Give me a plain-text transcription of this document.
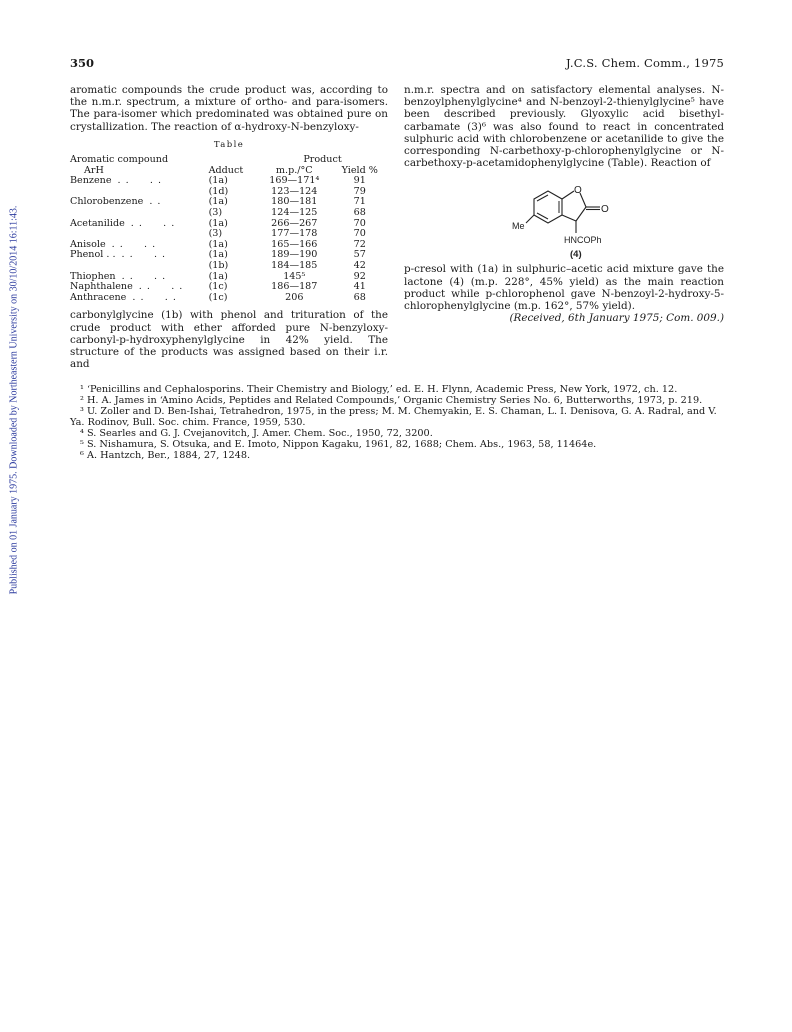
350	J.C.S. Chem. Comm., 1975
Published on 01 January 1975. Downloaded by Northeastern University on 30/10/2014 16:11:43.

aromatic compounds the crude product was, according to the n.m.r. spectrum, a mixture of ortho- and para-isomers. The para-isomer which predominated was obtained pure on crystallization. The reaction of α-hydroxy-N-benzyloxy-

Table
Aromatic compound		Product	
ArH	Adduct	m.p./°C	Yield %
Benzene . .     . .	(1a)	169—171⁴	91
	(1d)	123—124	79
Chlorobenzene . .	(1a)	180—181	71
	(3)	124—125	68
Acetanilide . .     . .	(1a)	266—267	70
	(3)	177—178	70
Anisole . .     . .	(1a)	165—166	72
Phenol . . . .     . .	(1a)	189—190	57
	(1b)	184—185	42
Thiophen . .     . .	(1a)	145⁵	92
Naphthalene . .     . .	(1c)	186—187	41
Anthracene . .     . .	(1c)	206	68

carbonylglycine (1b) with phenol and trituration of the crude product with ether afforded pure N-benzyloxy-carbonyl-p-hydroxyphenylglycine in 42% yield. The structure of the products was assigned based on their i.r. and

n.m.r. spectra and on satisfactory elemental analyses. N-benzoylphenylglycine⁴ and N-benzoyl-2-thienylglycine⁵ have been described previously. Glyoxylic acid bisethyl-carbamate (3)⁶ was also found to react in concentrated sulphuric acid with chlorobenzene or acetanilide to give the corresponding N-carbethoxy-p-chlorophenylglycine or N-carbethoxy-p-acetamidophenylglycine (Table). Reaction of

O
O
Me
HNCOPh
(4)

p-cresol with (1a) in sulphuric–acetic acid mixture gave the lactone (4) (m.p. 228°, 45% yield) as the main reaction product while p-chlorophenol gave N-benzoyl-2-hydroxy-5-chlorophenylglycine (m.p. 162°, 57% yield).

(Received, 6th January 1975; Com. 009.)

¹ ‘Penicillins and Cephalosporins. Their Chemistry and Biology,’ ed. E. H. Flynn, Academic Press, New York, 1972, ch. 12.

² H. A. James in ‘Amino Acids, Peptides and Related Compounds,’ Organic Chemistry Series No. 6, Butterworths, 1973, p. 219.

³ U. Zoller and D. Ben-Ishai, Tetrahedron, 1975, in the press; M. M. Chemyakin, E. S. Chaman, L. I. Denisova, G. A. Radral, and V. Ya. Rodinov, Bull. Soc. chim. France, 1959, 530.

⁴ S. Searles and G. J. Cvejanovitch, J. Amer. Chem. Soc., 1950, 72, 3200.

⁵ S. Nishamura, S. Otsuka, and E. Imoto, Nippon Kagaku, 1961, 82, 1688; Chem. Abs., 1963, 58, 11464e.

⁶ A. Hantzch, Ber., 1884, 27, 1248.
